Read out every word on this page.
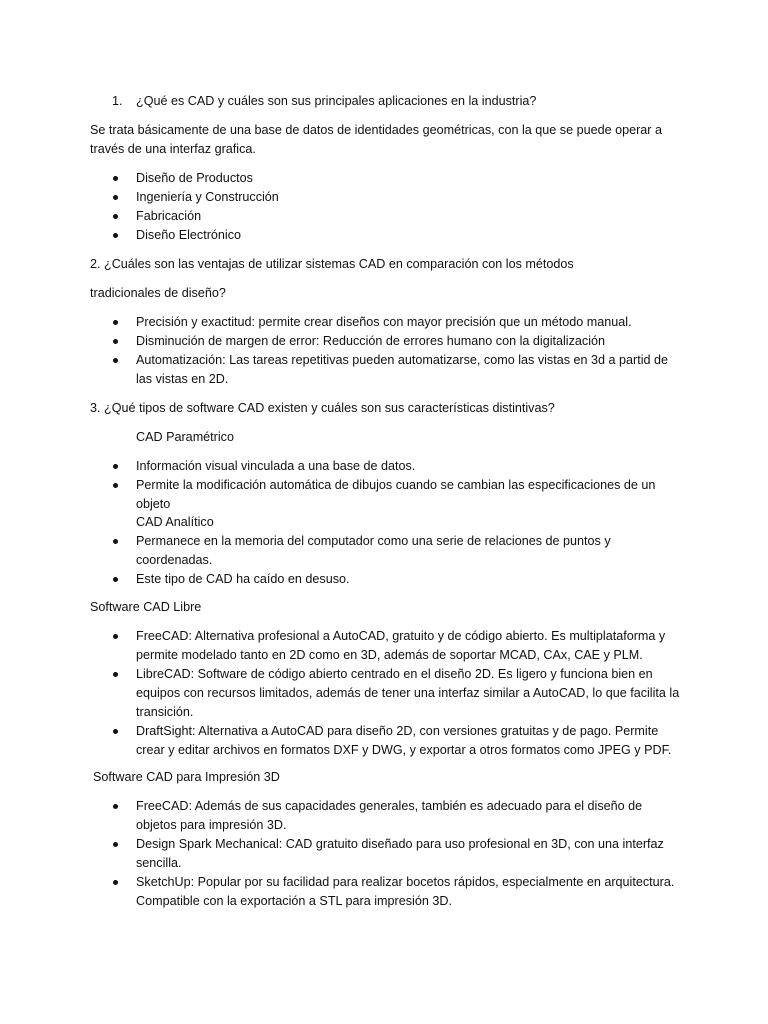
1. ¿Qué es CAD y cuáles son sus principales aplicaciones en la industria?

Se trata básicamente de una base de datos de identidades geométricas, con la que se puede operar a través de una interfaz grafica.

Diseño de Productos
Ingeniería y Construcción
Fabricación
Diseño Electrónico

2. ¿Cuáles son las ventajas de utilizar sistemas CAD en comparación con los métodos

tradicionales de diseño?

Precisión y exactitud: permite crear diseños con mayor precisión que un método manual.
Disminución de margen de error: Reducción de errores humano con la digitalización
Automatización: Las tareas repetitivas pueden automatizarse, como las vistas en 3d a partid de las vistas en 2D.

3. ¿Qué tipos de software CAD existen y cuáles son sus características distintivas?

CAD Paramétrico
Información visual vinculada a una base de datos.
Permite la modificación automática de dibujos cuando se cambian las especificaciones de un objeto
CAD Analítico
Permanece en la memoria del computador como una serie de relaciones de puntos y coordenadas.
Este tipo de CAD ha caído en desuso.

Software CAD Libre

FreeCAD: Alternativa profesional a AutoCAD, gratuito y de código abierto. Es multiplataforma y permite modelado tanto en 2D como en 3D, además de soportar MCAD, CAx, CAE y PLM.
LibreCAD: Software de código abierto centrado en el diseño 2D. Es ligero y funciona bien en equipos con recursos limitados, además de tener una interfaz similar a AutoCAD, lo que facilita la transición.
DraftSight: Alternativa a AutoCAD para diseño 2D, con versiones gratuitas y de pago. Permite crear y editar archivos en formatos DXF y DWG, y exportar a otros formatos como JPEG y PDF.

Software CAD para Impresión 3D

FreeCAD: Además de sus capacidades generales, también es adecuado para el diseño de objetos para impresión 3D.
Design Spark Mechanical: CAD gratuito diseñado para uso profesional en 3D, con una interfaz sencilla.
SketchUp: Popular por su facilidad para realizar bocetos rápidos, especialmente en arquitectura. Compatible con la exportación a STL para impresión 3D.
